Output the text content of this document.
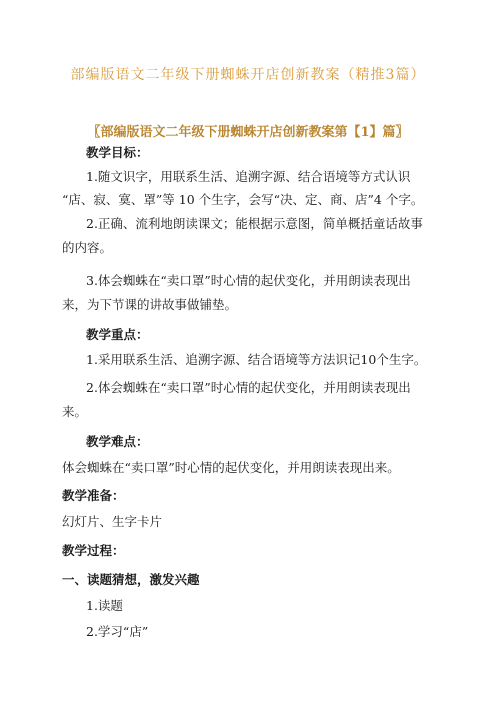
部编版语文二年级下册蜘蛛开店创新教案（精推3篇）
〖部编版语文二年级下册蜘蛛开店创新教案第【1】篇〗
教学目标：
1.随文识字，用联系生活、追溯字源、结合语境等方式认识
“店、寂、寞、罩”等 10 个生字，会写“决、定、商、店”4 个字。
2.正确、流利地朗读课文；能根据示意图，简单概括童话故事
的内容。
3.体会蜘蛛在“卖口罩”时心情的起伏变化，并用朗读表现出
来，为下节课的讲故事做铺垫。
教学重点：
1.采用联系生活、追溯字源、结合语境等方法识记10个生字。
2.体会蜘蛛在“卖口罩”时心情的起伏变化，并用朗读表现出
来。
教学难点：
体会蜘蛛在“卖口罩”时心情的起伏变化，并用朗读表现出来。
教学准备：
幻灯片、生字卡片
教学过程：
一、读题猜想，激发兴趣
1.读题
2.学习“店”
